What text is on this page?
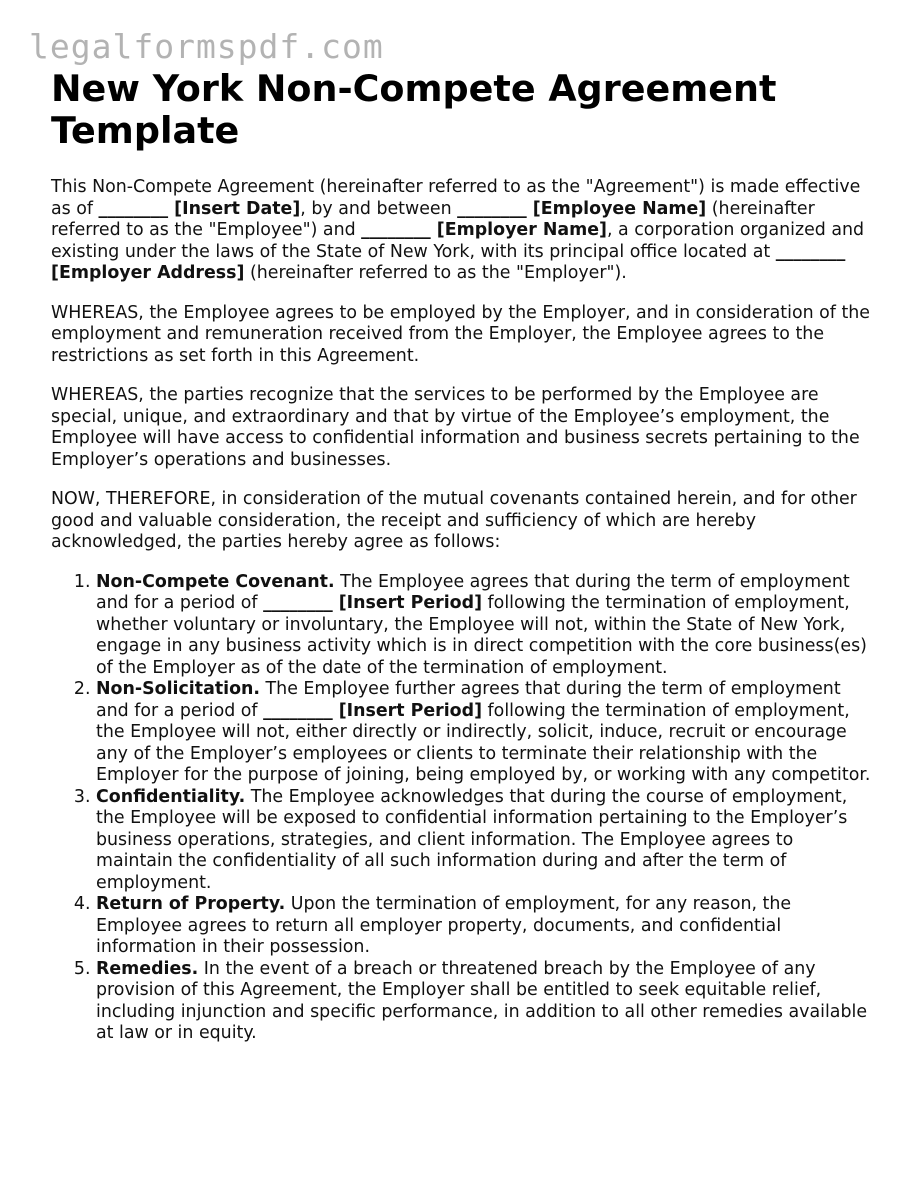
legalformspdf.com
New York Non-Compete Agreement Template

This Non-Compete Agreement (hereinafter referred to as the "Agreement") is made effective as of ________ [Insert Date], by and between ________ [Employee Name] (hereinafter referred to as the "Employee") and ________ [Employer Name], a corporation organized and existing under the laws of the State of New York, with its principal office located at ________ [Employer Address] (hereinafter referred to as the "Employer").

WHEREAS, the Employee agrees to be employed by the Employer, and in consideration of the employment and remuneration received from the Employer, the Employee agrees to the restrictions as set forth in this Agreement.

WHEREAS, the parties recognize that the services to be performed by the Employee are special, unique, and extraordinary and that by virtue of the Employee’s employment, the Employee will have access to confidential information and business secrets pertaining to the Employer’s operations and businesses.

NOW, THEREFORE, in consideration of the mutual covenants contained herein, and for other good and valuable consideration, the receipt and sufficiency of which are hereby acknowledged, the parties hereby agree as follows:

1. Non-Compete Covenant. The Employee agrees that during the term of employment and for a period of ________ [Insert Period] following the termination of employment, whether voluntary or involuntary, the Employee will not, within the State of New York, engage in any business activity which is in direct competition with the core business(es) of the Employer as of the date of the termination of employment.
2. Non-Solicitation. The Employee further agrees that during the term of employment and for a period of ________ [Insert Period] following the termination of employment, the Employee will not, either directly or indirectly, solicit, induce, recruit or encourage any of the Employer’s employees or clients to terminate their relationship with the Employer for the purpose of joining, being employed by, or working with any competitor.
3. Confidentiality. The Employee acknowledges that during the course of employment, the Employee will be exposed to confidential information pertaining to the Employer’s business operations, strategies, and client information. The Employee agrees to maintain the confidentiality of all such information during and after the term of employment.
4. Return of Property. Upon the termination of employment, for any reason, the Employee agrees to return all employer property, documents, and confidential information in their possession.
5. Remedies. In the event of a breach or threatened breach by the Employee of any provision of this Agreement, the Employer shall be entitled to seek equitable relief, including injunction and specific performance, in addition to all other remedies available at law or in equity.
